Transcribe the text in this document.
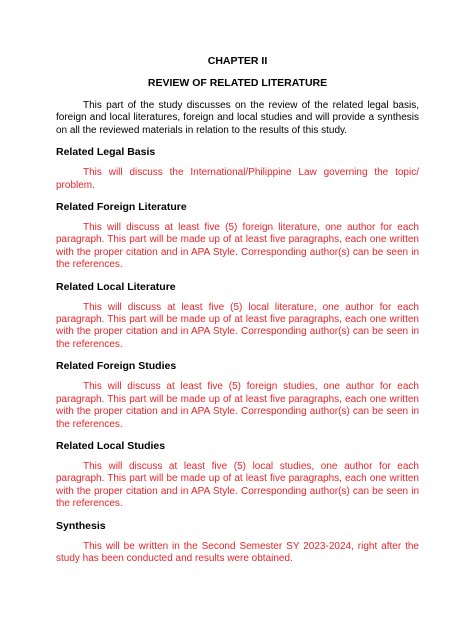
CHAPTER II
REVIEW OF RELATED LITERATURE

This part of the study discusses on the review of the related legal basis, foreign and local literatures, foreign and local studies and will provide a synthesis on all the reviewed materials in relation to the results of this study.

Related Legal Basis

This will discuss the International/Philippine Law governing the topic/ problem.

Related Foreign Literature

This will discuss at least five (5) foreign literature, one author for each paragraph. This part will be made up of at least five paragraphs, each one written with the proper citation and in APA Style. Corresponding author(s) can be seen in the references.

Related Local Literature

This will discuss at least five (5) local literature, one author for each paragraph. This part will be made up of at least five paragraphs, each one written with the proper citation and in APA Style. Corresponding author(s) can be seen in the references.

Related Foreign Studies

This will discuss at least five (5) foreign studies, one author for each paragraph. This part will be made up of at least five paragraphs, each one written with the proper citation and in APA Style. Corresponding author(s) can be seen in the references.

Related Local Studies

This will discuss at least five (5) local studies, one author for each paragraph. This part will be made up of at least five paragraphs, each one written with the proper citation and in APA Style. Corresponding author(s) can be seen in the references.

Synthesis

This will be written in the Second Semester SY 2023-2024, right after the study has been conducted and results were obtained.
